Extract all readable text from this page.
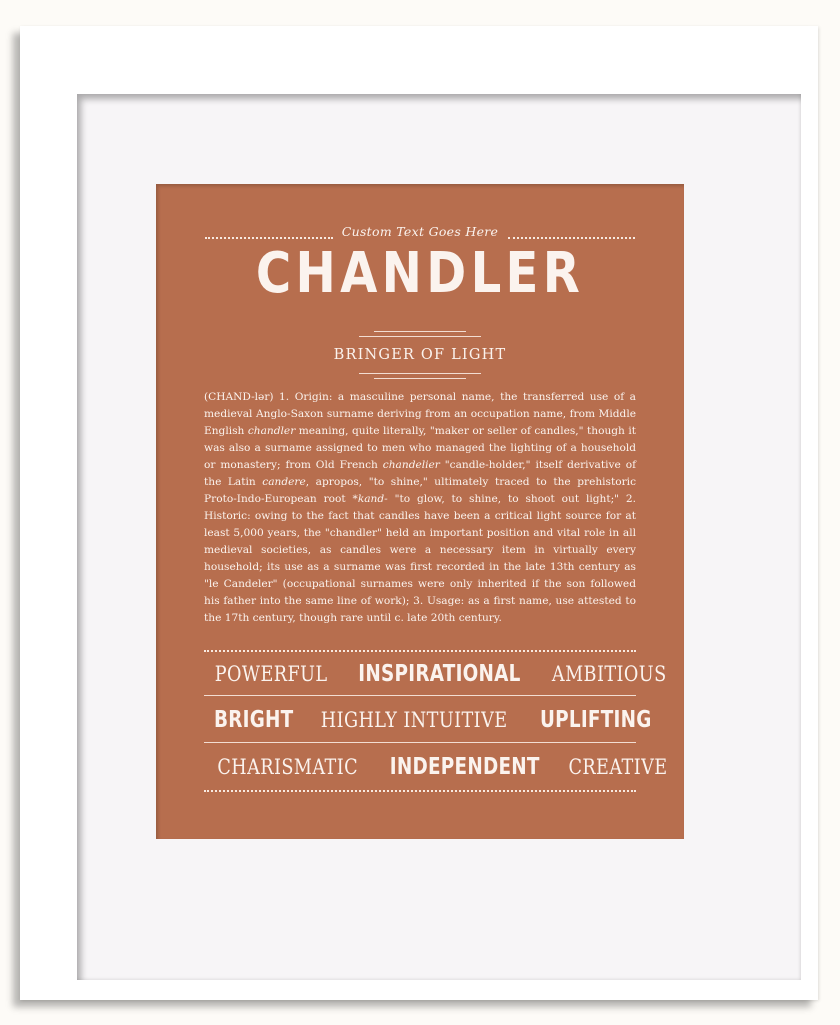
Custom Text Goes Here
CHANDLER
BRINGER OF LIGHT

(CHAND-lər) 1. Origin: a masculine personal name, the transferred use of a medieval Anglo-Saxon surname deriving from an occupation name, from Middle English chandler meaning, quite literally, "maker or seller of candles," though it was also a surname assigned to men who managed the lighting of a household or monastery; from Old French chandelier "candle-holder," itself derivative of the Latin candere, apropos, "to shine," ultimately traced to the prehistoric Proto-Indo-European root *kand- "to glow, to shine, to shoot out light;" 2. Historic: owing to the fact that candles have been a critical light source for at least 5,000 years, the "chandler" held an important position and vital role in all medieval societies, as candles were a necessary item in virtually every household; its use as a surname was first recorded in the late 13th century as "le Candeler" (occupational surnames were only inherited if the son followed his father into the same line of work); 3. Usage: as a first name, use attested to the 17th century, though rare until c. late 20th century.

POWERFUL INSPIRATIONAL AMBITIOUS
BRIGHT HIGHLY INTUITIVE UPLIFTING
CHARISMATIC INDEPENDENT CREATIVE
